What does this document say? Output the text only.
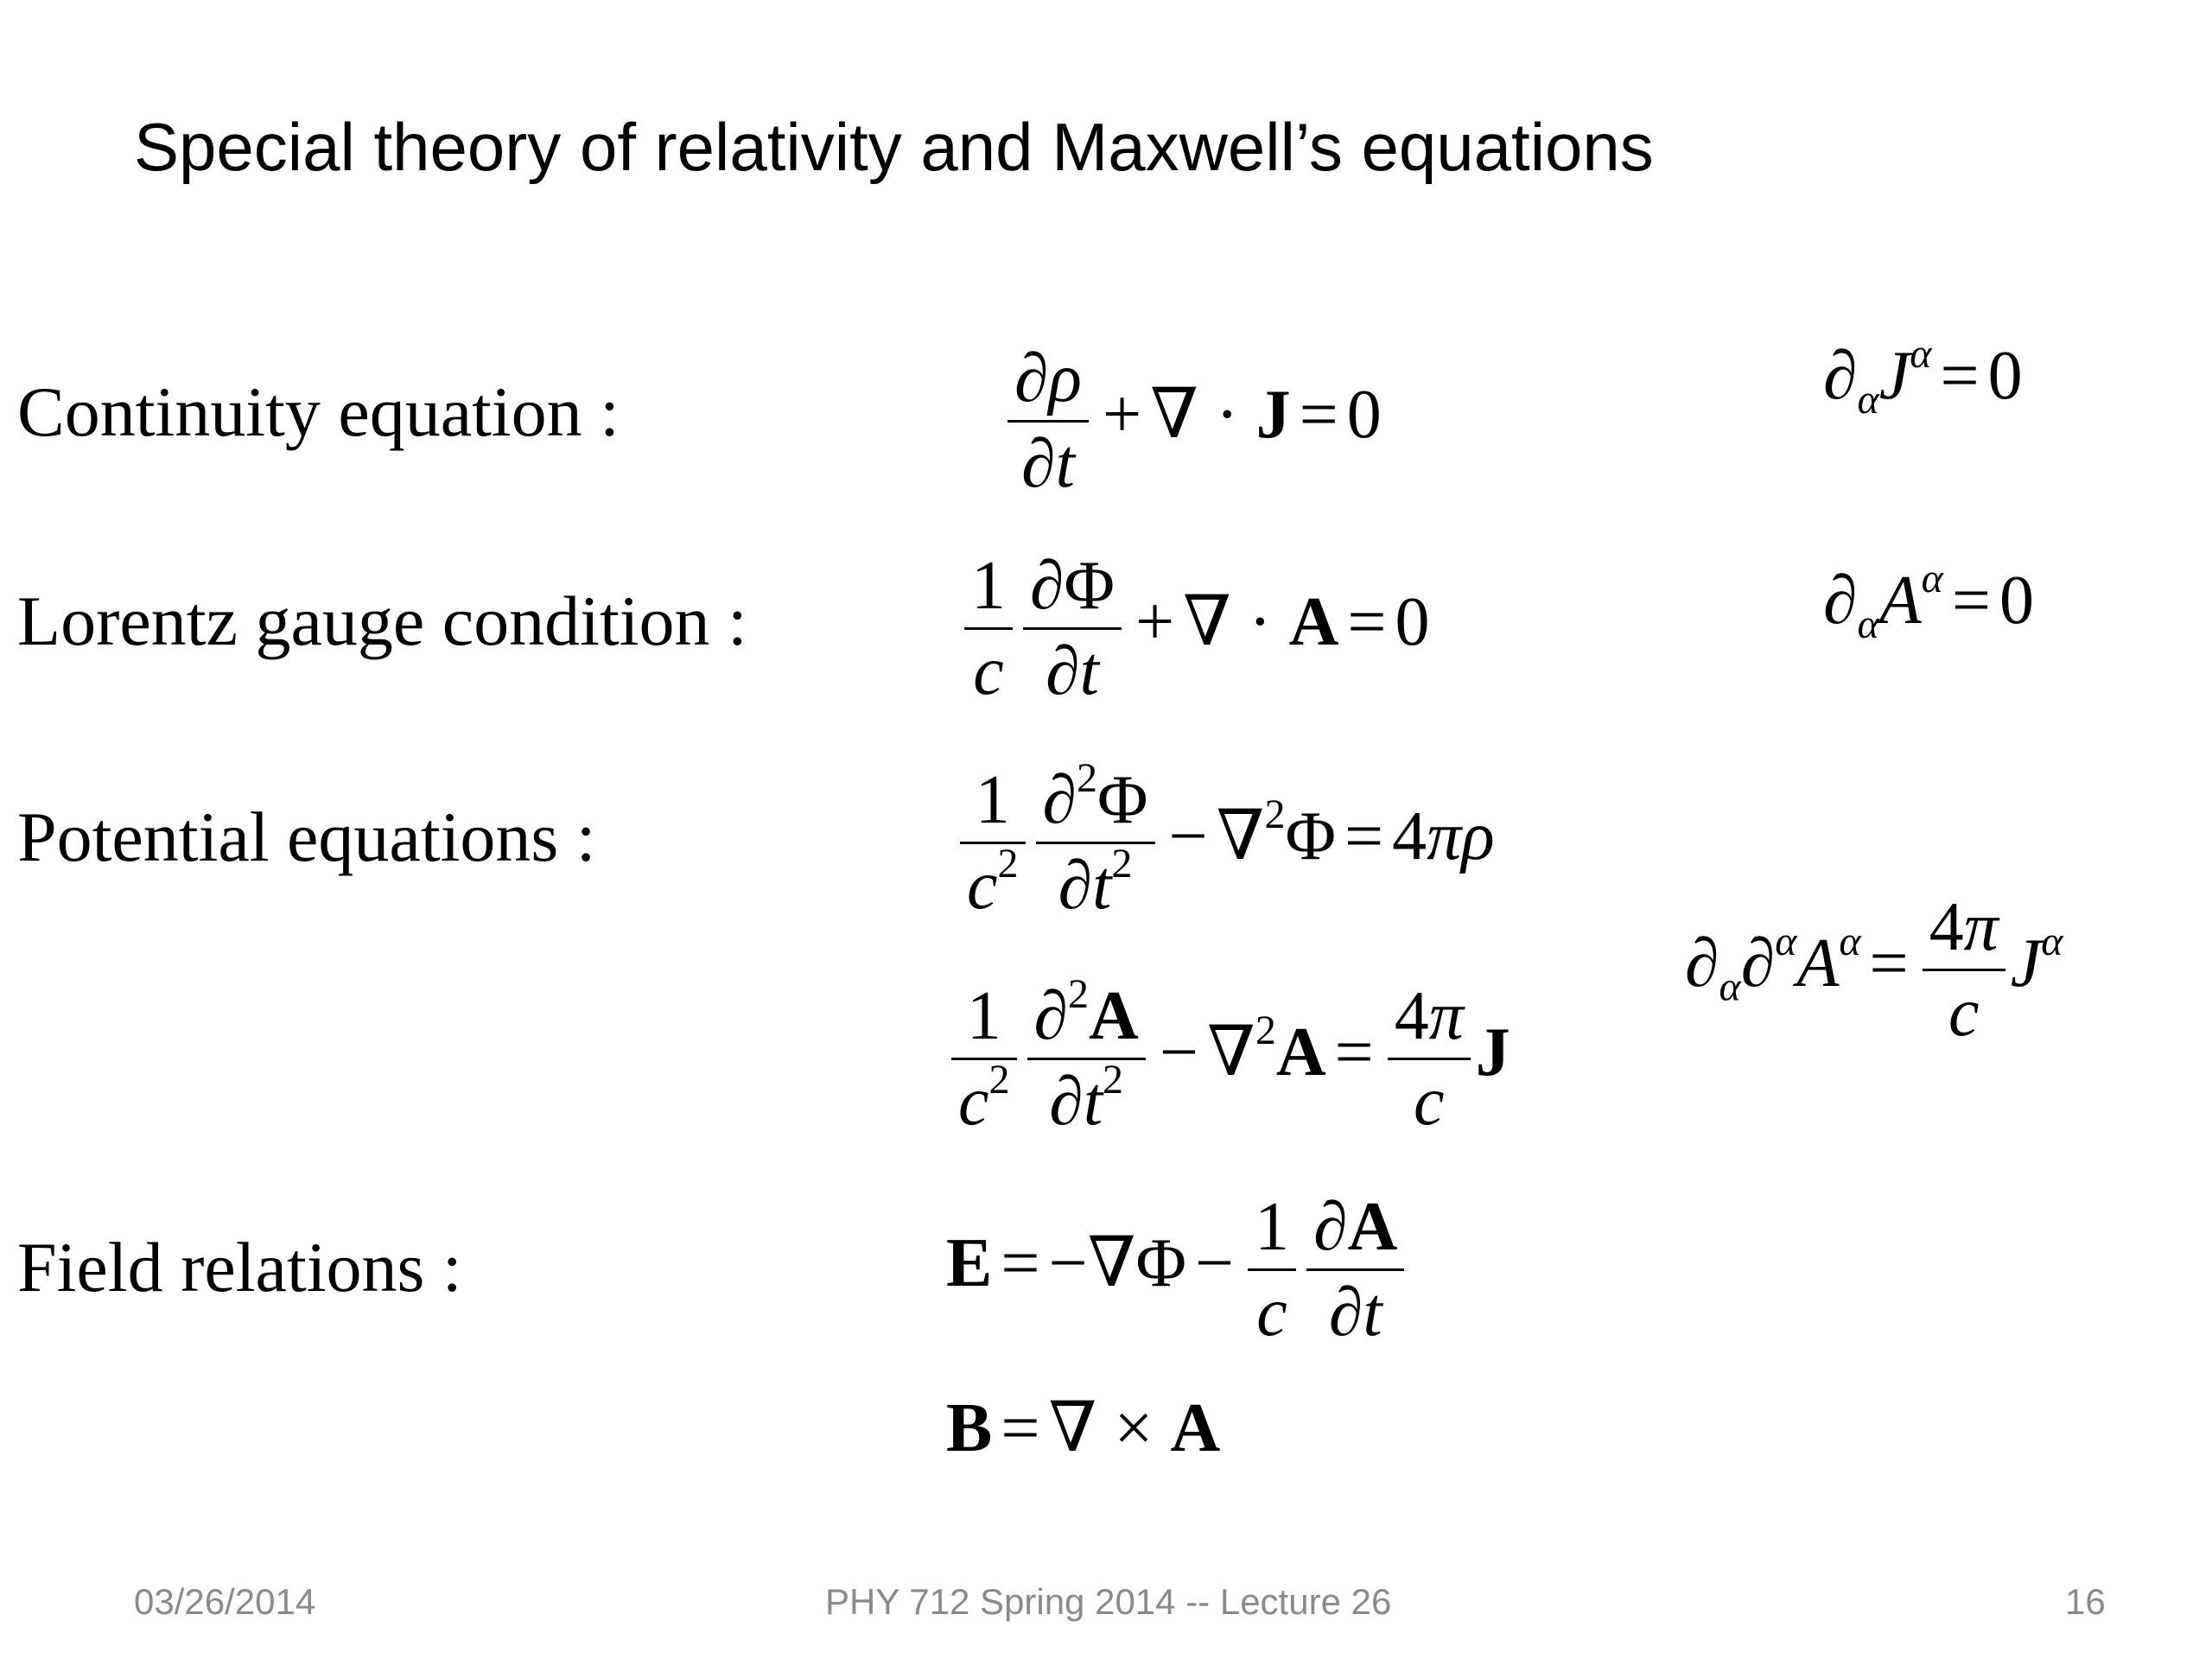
Special theory of relativity and Maxwell’s equations
Continuity equation :
Lorentz gauge condition :
Potential equations :
Field relations :
$\frac{\partial\rho}{\partial t}$ + ∇ · J = 0
$\partial_\alpha J^\alpha = 0$
$\frac{1}{c} \frac{\partial\Phi}{\partial t}$ + ∇ · A = 0	$\partial_\alpha A^\alpha = 0$
$\frac{1}{c^2} \frac{\partial^2\Phi}{\partial t^2} - \nabla^2\Phi = 4\pi\rho$
$\frac{1}{c^2} \frac{\partial^2A}{\partial t^2} - \nabla^2A = \frac{4\pi}{c}$ J
$\partial_\alpha\partial^\alpha A^\alpha = \frac{4\pi}{c} J^\alpha$
$E = -\nabla\Phi - \frac{1}{c} \frac{\partial A}{\partial t}$
B = ∇ × A
03/26/2014	PHY 712 Spring 2014 -- Lecture 26	16
